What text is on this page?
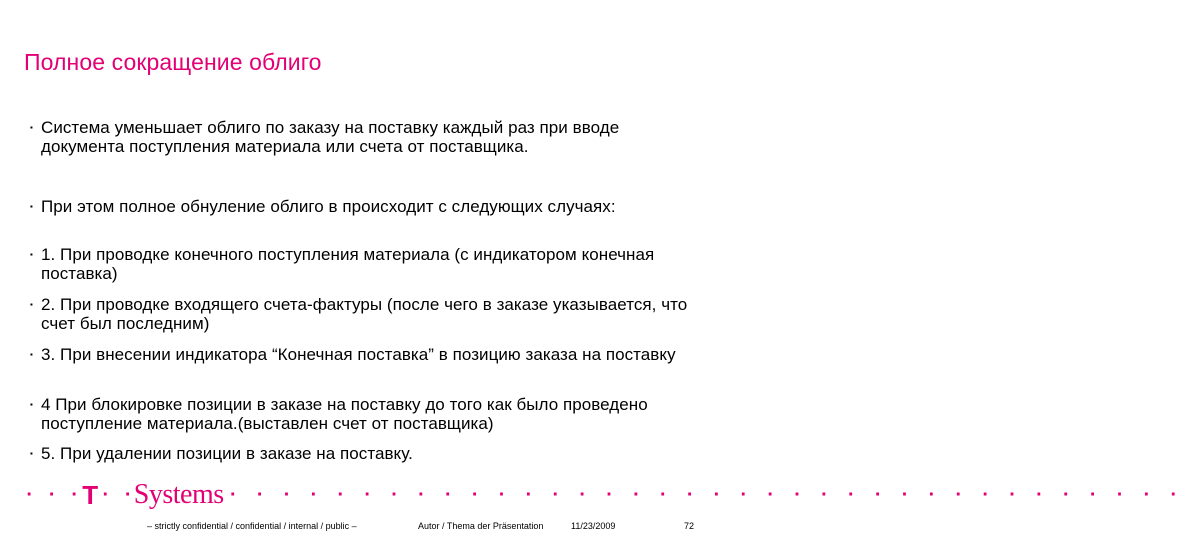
Полное сокращение облиго
▪ Система уменьшает облиго по заказу на поставку каждый раз при вводе документа поступления материала или счета от поставщика.
▪ При этом полное обнуление облиго в происходит с следующих случаях:
▪ 1. При проводке конечного поступления материала (с индикатором конечная поставка)
▪ 2. При проводке входящего счета-фактуры (после чего в заказе указывается, что счет был последним)
▪ 3. При внесении индикатора “Конечная поставка” в позицию заказа на поставку
▪ 4 При блокировке позиции в заказе на поставку до того как было проведено поступление материала.(выставлен счет от поставщика)
▪ 5. При удалении позиции в заказе на поставку.
· · · T · · Systems · · · · · · · · · · · · · · · · · · · · · · · · · · · · · · · · · · · ·
– strictly confidential / confidential / internal / public –	Autor / Thema der Präsentation	11/23/2009	72
